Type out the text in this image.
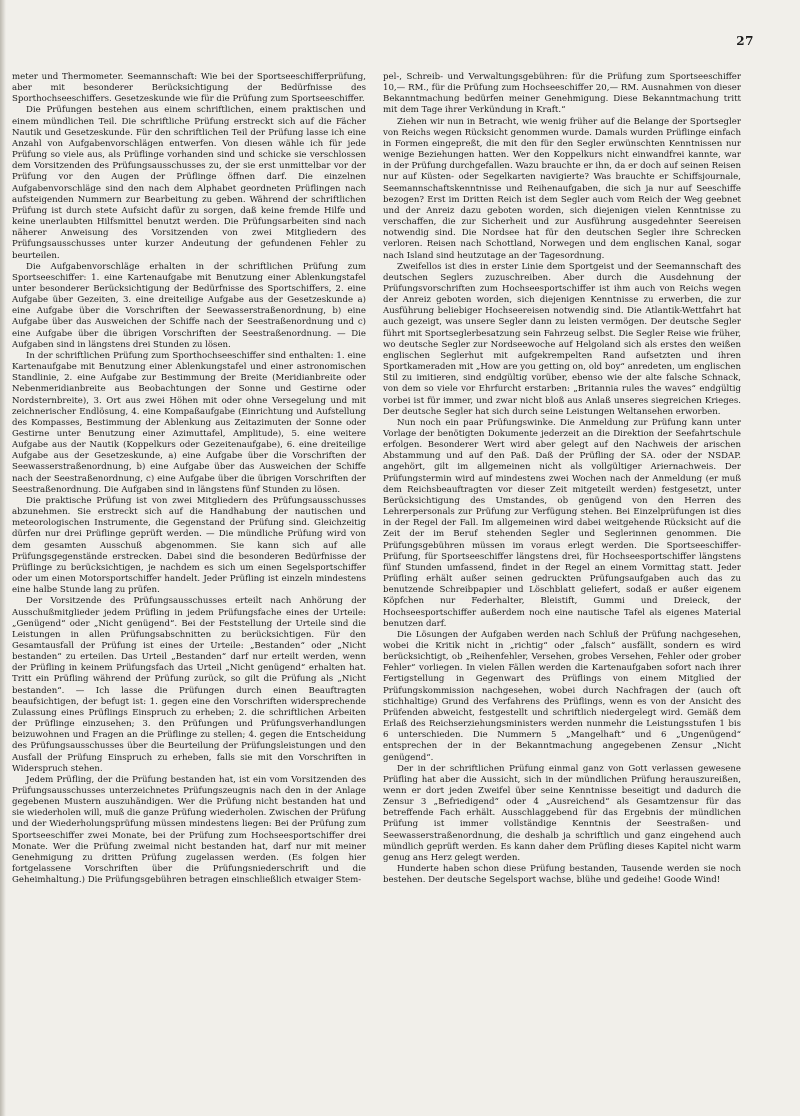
27

meter und Thermometer. Seemannschaft: Wie bei der Sportseeschifferprüfung, aber mit besonderer Berücksichtigung der Bedürfnisse des Sporthochseeschiffers. Gesetzeskunde wie für die Prüfung zum Sportseeschiffer.

Die Prüfungen bestehen aus einem schriftlichen, einem praktischen und einem mündlichen Teil. Die schriftliche Prüfung erstreckt sich auf die Fächer Nautik und Gesetzeskunde. Für den schriftlichen Teil der Prüfung lasse ich eine Anzahl von Aufgabenvorschlägen entwerfen. Von diesen wähle ich für jede Prüfung so viele aus, als Prüflinge vorhanden sind und schicke sie verschlossen dem Vorsitzenden des Prüfungsausschusses zu, der sie erst unmittelbar vor der Prüfung vor den Augen der Prüflinge öffnen darf. Die einzelnen Aufgabenvorschläge sind den nach dem Alphabet geordneten Prüflingen nach aufsteigenden Nummern zur Bearbeitung zu geben. Während der schriftlichen Prüfung ist durch stete Aufsicht dafür zu sorgen, daß keine fremde Hilfe und keine unerlaubten Hilfsmittel benutzt werden. Die Prüfungsarbeiten sind nach näherer Anweisung des Vorsitzenden von zwei Mitgliedern des Prüfungsausschusses unter kurzer Andeutung der gefundenen Fehler zu beurteilen.

Die Aufgabenvorschläge erhalten in der schriftlichen Prüfung zum Sportseeschiffer: 1. eine Kartenaufgabe mit Benutzung einer Ablenkungstafel unter besonderer Berücksichtigung der Bedürfnisse des Sportschiffers, 2. eine Aufgabe über Gezeiten, 3. eine dreiteilige Aufgabe aus der Gesetzeskunde a) eine Aufgabe über die Vorschriften der Seewasserstraßenordnung, b) eine Aufgabe über das Ausweichen der Schiffe nach der Seestraßenordnung und c) eine Aufgabe über die übrigen Vorschriften der Seestraßenordnung. — Die Aufgaben sind in längstens drei Stunden zu lösen.

In der schriftlichen Prüfung zum Sporthochseeschiffer sind enthalten: 1. eine Kartenaufgabe mit Benutzung einer Ablenkungstafel und einer astronomischen Standlinie, 2. eine Aufgabe zur Bestimmung der Breite (Meridianbreite oder Nebenmeridianbreite aus Beobachtungen der Sonne und Gestirne oder Nordsternbreite), 3. Ort aus zwei Höhen mit oder ohne Versegelung und mit zeichnerischer Endlösung, 4. eine Kompaßaufgabe (Einrichtung und Aufstellung des Kompasses, Bestimmung der Ablenkung aus Zeitazimuten der Sonne oder Gestirne unter Benutzung einer Azimuttafel, Amplitude), 5. eine weitere Aufgabe aus der Nautik (Koppelkurs oder Gezeitenaufgabe), 6. eine dreiteilige Aufgabe aus der Gesetzeskunde, a) eine Aufgabe über die Vorschriften der Seewasserstraßenordnung, b) eine Aufgabe über das Ausweichen der Schiffe nach der Seestraßenordnung, c) eine Aufgabe über die übrigen Vorschriften der Seestraßenordnung. Die Aufgaben sind in längstens fünf Stunden zu lösen.

Die praktische Prüfung ist von zwei Mitgliedern des Prüfungsausschusses abzunehmen. Sie erstreckt sich auf die Handhabung der nautischen und meteorologischen Instrumente, die Gegenstand der Prüfung sind. Gleichzeitig dürfen nur drei Prüflinge geprüft werden. — Die mündliche Prüfung wird von dem gesamten Ausschuß abgenommen. Sie kann sich auf alle Prüfungsgegenstände erstrecken. Dabei sind die besonderen Bedürfnisse der Prüflinge zu berücksichtigen, je nachdem es sich um einen Segelsportschiffer oder um einen Motorsportschiffer handelt. Jeder Prüfling ist einzeln mindestens eine halbe Stunde lang zu prüfen.

Der Vorsitzende des Prüfungsausschusses erteilt nach Anhörung der Ausschußmitglieder jedem Prüfling in jedem Prüfungsfache eines der Urteile: „Genügend“ oder „Nicht genügend“. Bei der Feststellung der Urteile sind die Leistungen in allen Prüfungsabschnitten zu berücksichtigen. Für den Gesamtausfall der Prüfung ist eines der Urteile: „Bestanden“ oder „Nicht bestanden“ zu erteilen. Das Urteil „Bestanden“ darf nur erteilt werden, wenn der Prüfling in keinem Prüfungsfach das Urteil „Nicht genügend“ erhalten hat. Tritt ein Prüfling während der Prüfung zurück, so gilt die Prüfung als „Nicht bestanden“. — Ich lasse die Prüfungen durch einen Beauftragten beaufsichtigen, der befugt ist: 1. gegen eine den Vorschriften widersprechende Zulassung eines Prüflings Einspruch zu erheben; 2. die schriftlichen Arbeiten der Prüflinge einzusehen; 3. den Prüfungen und Prüfungsverhandlungen beizuwohnen und Fragen an die Prüflinge zu stellen; 4. gegen die Entscheidung des Prüfungsausschusses über die Beurteilung der Prüfungsleistungen und den Ausfall der Prüfung Einspruch zu erheben, falls sie mit den Vorschriften in Widerspruch stehen.

Jedem Prüfling, der die Prüfung bestanden hat, ist ein vom Vorsitzenden des Prüfungsausschusses unterzeichnetes Prüfungszeugnis nach den in der Anlage gegebenen Mustern auszuhändigen. Wer die Prüfung nicht bestanden hat und sie wiederholen will, muß die ganze Prüfung wiederholen. Zwischen der Prüfung und der Wiederholungsprüfung müssen mindestens liegen: Bei der Prüfung zum Sportseeschiffer zwei Monate, bei der Prüfung zum Hochseesportschiffer drei Monate. Wer die Prüfung zweimal nicht bestanden hat, darf nur mit meiner Genehmigung zu dritten Prüfung zugelassen werden. (Es folgen hier fortgelassene Vorschriften über die Prüfungsniederschrift und die Geheimhaltung.) Die Prüfungsgebühren betragen einschließlich etwaiger Stem-

pel-, Schreib- und Verwaltungsgebühren: für die Prüfung zum Sportseeschiffer 10,— RM., für die Prüfung zum Hochseeschiffer 20,— RM. Ausnahmen von dieser Bekanntmachung bedürfen meiner Genehmigung. Diese Bekanntmachung tritt mit dem Tage ihrer Verkündung in Kraft.“

Ziehen wir nun in Betracht, wie wenig früher auf die Belange der Sportsegler von Reichs wegen Rücksicht genommen wurde. Damals wurden Prüflinge einfach in Formen eingepreßt, die mit den für den Segler erwünschten Kenntnissen nur wenige Beziehungen hatten. Wer den Koppelkurs nicht einwandfrei kannte, war in der Prüfung durchgefallen. Wazu brauchte er ihn, da er doch auf seinen Reisen nur auf Küsten- oder Segelkarten navigierte? Was brauchte er Schiffsjournale, Seemannschaftskenntnisse und Reihenaufgaben, die sich ja nur auf Seeschiffe bezogen? Erst im Dritten Reich ist dem Segler auch vom Reich der Weg geebnet und der Anreiz dazu geboten worden, sich diejenigen vielen Kenntnisse zu verschaffen, die zur Sicherheit und zur Ausführung ausgedehnter Seereisen notwendig sind. Die Nordsee hat für den deutschen Segler ihre Schrecken verloren. Reisen nach Schottland, Norwegen und dem englischen Kanal, sogar nach Island sind heutzutage an der Tagesordnung.

Zweifellos ist dies in erster Linie dem Sportgeist und der Seemannschaft des deutschen Seglers zuzuschreiben. Aber durch die Ausdehnung der Prüfungsvorschriften zum Hochseesportschiffer ist ihm auch von Reichs wegen der Anreiz geboten worden, sich diejenigen Kenntnisse zu erwerben, die zur Ausführung beliebiger Hochseereisen notwendig sind. Die Atlantik-Wettfahrt hat auch gezeigt, was unsere Segler dann zu leisten vermögen. Der deutsche Segler führt mit Sportseglerbesatzung sein Fahrzeug selbst. Die Segler Reise wie früher, wo deutsche Segler zur Nordseewoche auf Helgoland sich als erstes den weißen englischen Seglerhut mit aufgekrempelten Rand aufsetzten und ihren Sportkameraden mit „How are you getting on, old boy“ anredeten, um englischen Stil zu imitieren, sind endgültig vorüber, ebenso wie der alte falsche Schnack, von dem so viele vor Ehrfurcht erstarben: „Britannia rules the waves“ endgültig vorbei ist für immer, und zwar nicht bloß aus Anlaß unseres siegreichen Krieges. Der deutsche Segler hat sich durch seine Leistungen Weltansehen erworben.

Nun noch ein paar Prüfungswinke. Die Anmeldung zur Prüfung kann unter Vorlage der benötigten Dokumente jederzeit an die Direktion der Seefahrtschule erfolgen. Besonderer Wert wird aber gelegt auf den Nachweis der arischen Abstammung und auf den Paß. Daß der Prüfling der SA. oder der NSDAP. angehört, gilt im allgemeinen nicht als vollgültiger Ariernachweis. Der Prüfungstermin wird auf mindestens zwei Wochen nach der Anmeldung (er muß dem Reichsbeauftragten vor dieser Zeit mitgeteilt werden) festgesetzt, unter Berücksichtigung des Umstandes, ob genügend von den Herren des Lehrerpersonals zur Prüfung zur Verfügung stehen. Bei Einzelprüfungen ist dies in der Regel der Fall. Im allgemeinen wird dabei weitgehende Rücksicht auf die Zeit der im Beruf stehenden Segler und Seglerinnen genommen. Die Prüfungsgebühren müssen im voraus erlegt werden. Die Sportseeschiffer-Prüfung, für Sportseeschiffer längstens drei, für Hochseesportschiffer längstens fünf Stunden umfassend, findet in der Regel an einem Vormittag statt. Jeder Prüfling erhält außer seinen gedruckten Prüfungsaufgaben auch das zu benutzende Schreibpapier und Löschblatt geliefert, sodaß er außer eigenem Köpfchen nur Federhalter, Bleistift, Gummi und Dreieck, der Hochseesportschiffer außerdem noch eine nautische Tafel als eigenes Material benutzen darf.

Die Lösungen der Aufgaben werden nach Schluß der Prüfung nachgesehen, wobei die Kritik nicht in „richtig“ oder „falsch“ ausfällt, sondern es wird berücksichtigt, ob „Reihenfehler, Versehen, grobes Versehen, Fehler oder grober Fehler“ vorliegen. In vielen Fällen werden die Kartenaufgaben sofort nach ihrer Fertigstellung in Gegenwart des Prüflings von einem Mitglied der Prüfungskommission nachgesehen, wobei durch Nachfragen der (auch oft stichhaltige) Grund des Verfahrens des Prüflings, wenn es von der Ansicht des Prüfenden abweicht, festgestellt und schriftlich niedergelegt wird. Gemäß dem Erlaß des Reichserziehungsministers werden nunmehr die Leistungsstufen 1 bis 6 unterschieden. Die Nummern 5 „Mangelhaft“ und 6 „Ungenügend“ entsprechen der in der Bekanntmachung angegebenen Zensur „Nicht genügend“.

Der in der schriftlichen Prüfung einmal ganz von Gott verlassen gewesene Prüfling hat aber die Aussicht, sich in der mündlichen Prüfung herauszureißen, wenn er dort jeden Zweifel über seine Kenntnisse beseitigt und dadurch die Zensur 3 „Befriedigend“ oder 4 „Ausreichend“ als Gesamtzensur für das betreffende Fach erhält. Ausschlaggebend für das Ergebnis der mündlichen Prüfung ist immer vollständige Kenntnis der Seestraßen- und Seewasserstraßenordnung, die deshalb ja schriftlich und ganz eingehend auch mündlich geprüft werden. Es kann daher dem Prüfling dieses Kapitel nicht warm genug ans Herz gelegt werden.

Hunderte haben schon diese Prüfung bestanden, Tausende werden sie noch bestehen. Der deutsche Segelsport wachse, blühe und gedeihe! Goode Wind!
